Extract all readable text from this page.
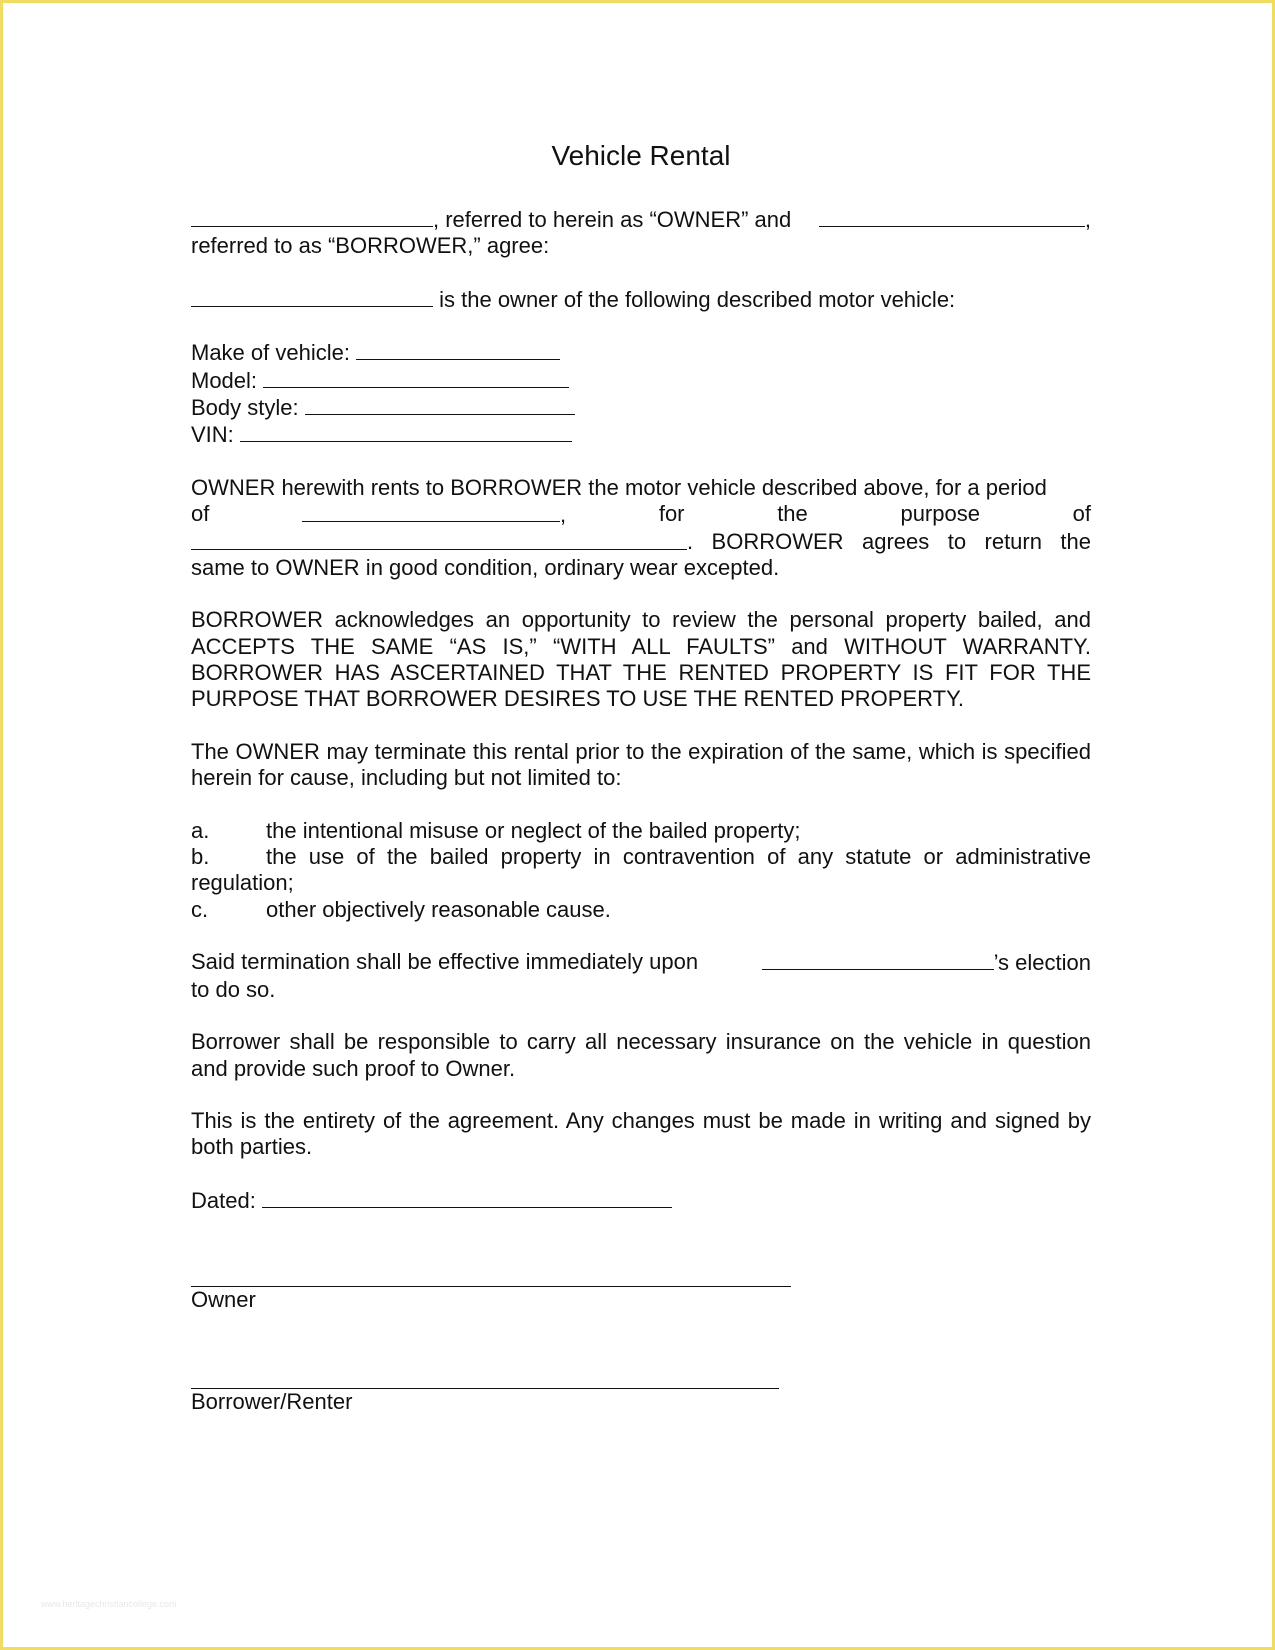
Vehicle Rental

, referred to herein as “OWNER” and	,
referred to as “BORROWER,” agree:

is the owner of the following described motor vehicle:

Make of vehicle:
Model:
Body style:
VIN:

OWNER herewith rents to BORROWER the motor vehicle described above, for a period
of	,	for	the	purpose	of
. BORROWER agrees to return the
same to OWNER in good condition, ordinary wear excepted.

BORROWER acknowledges an opportunity to review the personal property bailed, and ACCEPTS THE SAME “AS IS,” “WITH ALL FAULTS” and WITHOUT WARRANTY. BORROWER HAS ASCERTAINED THAT THE RENTED PROPERTY IS FIT FOR THE PURPOSE THAT BORROWER DESIRES TO USE THE RENTED PROPERTY.

The OWNER may terminate this rental prior to the expiration of the same, which is specified herein for cause, including but not limited to:

a.	the intentional misuse or neglect of the bailed property;
b.	the use of the bailed property in contravention of any statute or administrative regulation;
c.	other objectively reasonable cause.

Said termination shall be effective immediately upon	’s election
to do so.

Borrower shall be responsible to carry all necessary insurance on the vehicle in question and provide such proof to Owner.

This is the entirety of the agreement. Any changes must be made in writing and signed by both parties.

Dated:

Owner
Borrower/Renter
www.heritagechristiancollege.com
